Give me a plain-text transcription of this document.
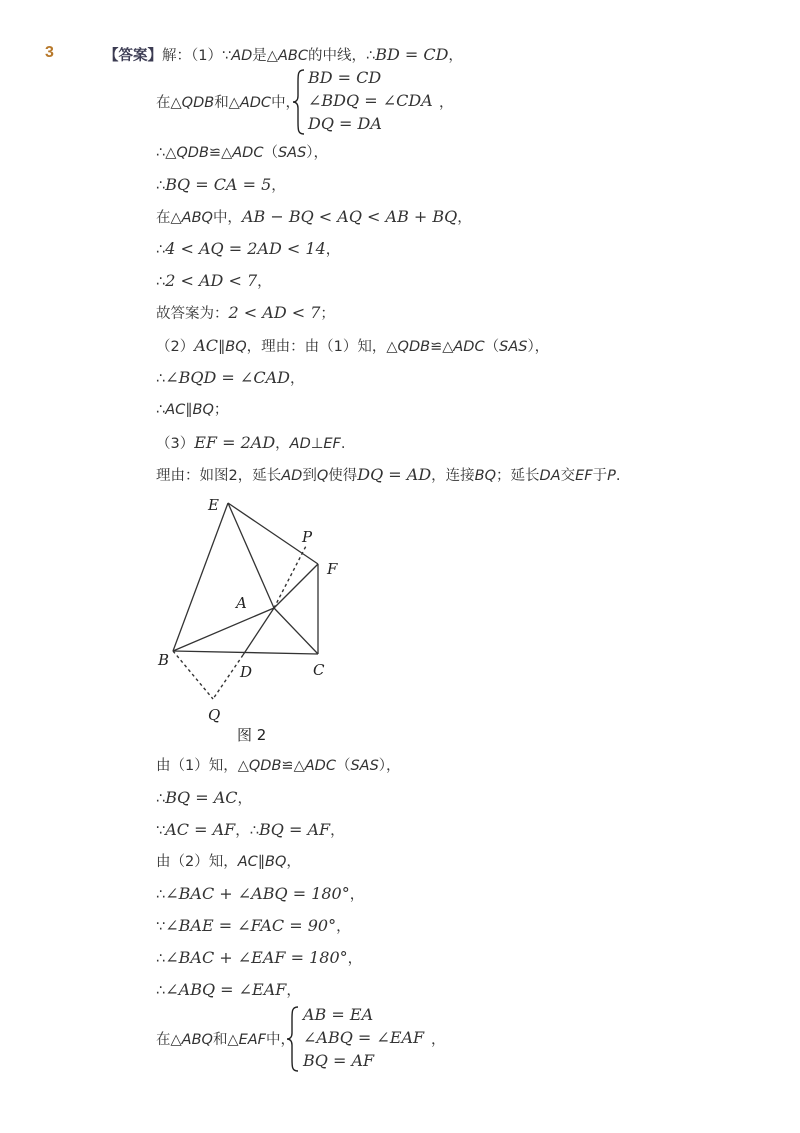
3	【答案】解：（1）∵AD是△ABC的中线，∴BD = CD，
在△QDB和△ADC中，
BD = CD
∠BDQ = ∠CDA
DQ = DA
，
∴△QDB≌△ADC（SAS），
∴BQ = CA = 5，
在△ABQ中，AB − BQ < AQ < AB + BQ，
∴4 < AQ = 2AD < 14，
∴2 < AD < 7，
故答案为：2 < AD < 7；
（2）AC∥BQ，理由：由（1）知，△QDB≌△ADC（SAS），
∴∠BQD = ∠CAD，
∴AC∥BQ；
（3）EF = 2AD，AD⊥EF.
理由：如图2，延长AD到Q使得DQ = AD，连接BQ；延长DA交EF于P.
E
P
F
A
B
D	C
Q
图 2
由（1）知，△QDB≌△ADC（SAS），
∴BQ = AC，
∵AC = AF，∴BQ = AF，
由（2）知，AC∥BQ，
∴∠BAC + ∠ABQ = 180°，
∵∠BAE = ∠FAC = 90°，
∴∠BAC + ∠EAF = 180°，
∴∠ABQ = ∠EAF，
在△ABQ和△EAF中，
AB = EA
∠ABQ = ∠EAF
BQ = AF
，
